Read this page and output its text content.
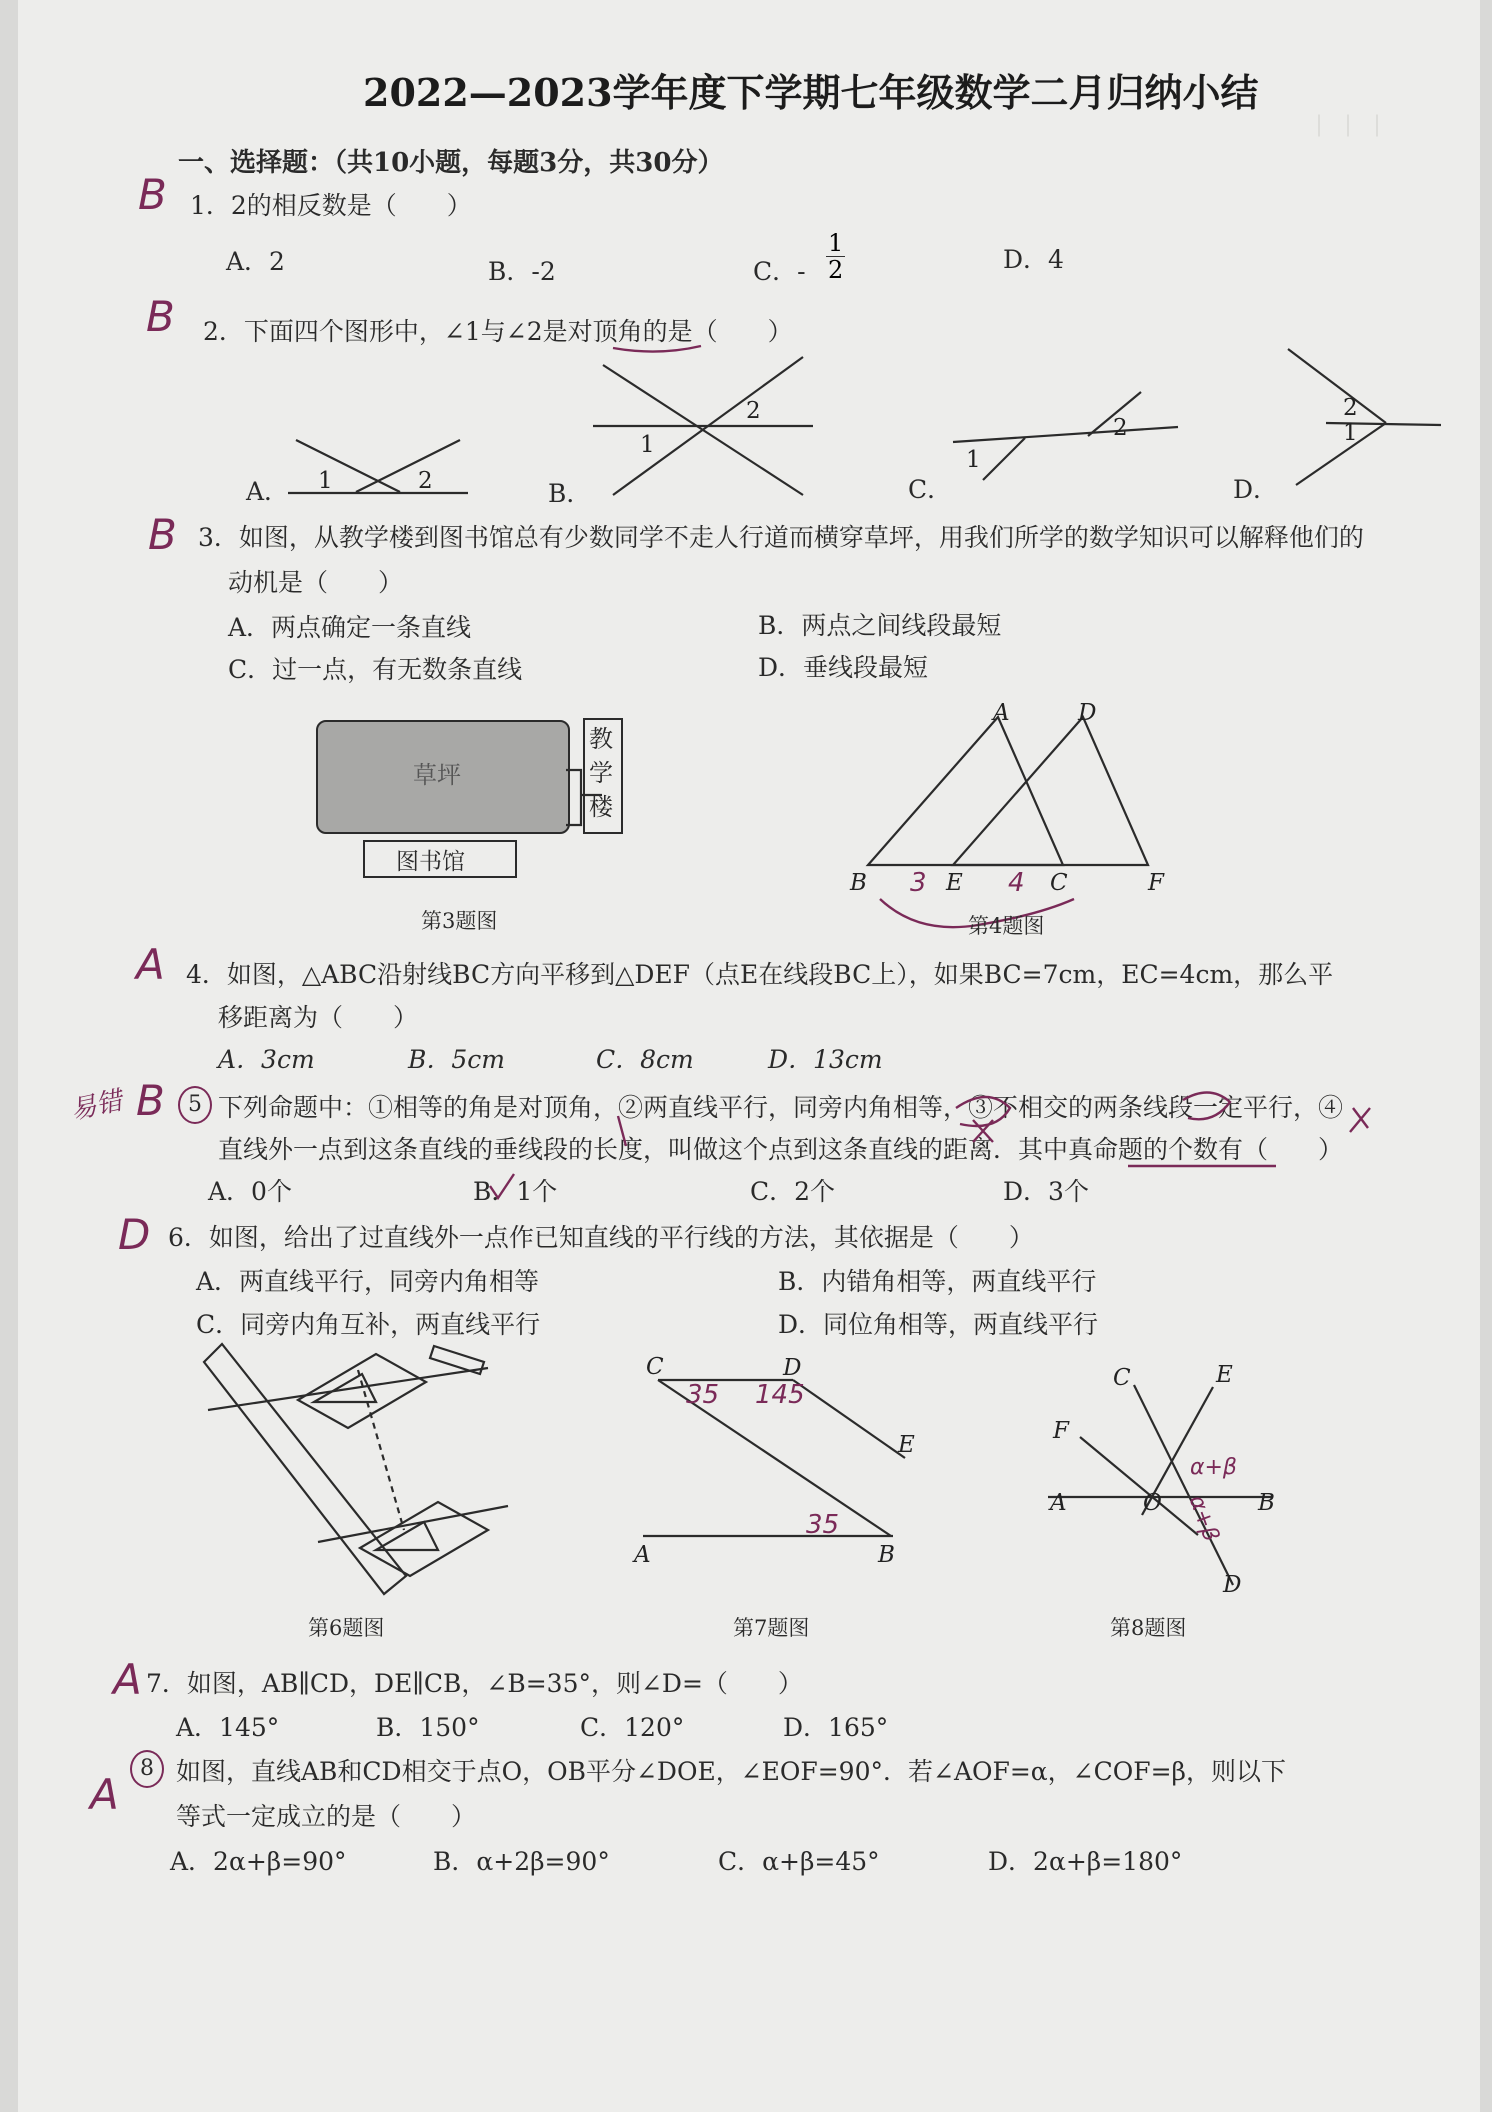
｜ ｜ ｜
2022—2023学年度下学期七年级数学二月归纳小结
一、选择题：（共10小题，每题3分，共30分）
B 1．2的相反数是（　　）
A．2	B．-2	C．- $\frac{1}{2}$	D．4
B 2．下面四个图形中，∠1与∠2是对顶角的是（　　）
1	2
A．
1
2
B．
1
2
C．
2
1
D．
B 3．如图，从教学楼到图书馆总有少数同学不走人行道而横穿草坪，用我们所学的数学知识可以解释他们的
动机是（　　）
A．两点确定一条直线	B．两点之间线段最短
C．过一点，有无数条直线	D．垂线段最短
草坪
教学楼
图书馆
第3题图
A	D
B	E	C	F
3	4
第4题图
A 4．如图，△ABC沿射线BC方向平移到△DEF（点E在线段BC上），如果BC=7cm，EC=4cm，那么平
移距离为（　　）
A．3cm	B．5cm	C．8cm	D．13cm
易错 B	5 下列命题中：①相等的角是对顶角，②两直线平行，同旁内角相等，③不相交的两条线段一定平行，④
直线外一点到这条直线的垂线段的长度，叫做这个点到这条直线的距离．其中真命题的个数有（　　）
A．0个	B．1个	C．2个	D．3个
D 6．如图，给出了过直线外一点作已知直线的平行线的方法，其依据是（　　）
A．两直线平行，同旁内角相等	B．内错角相等，两直线平行
C．同旁内角互补，两直线平行	D．同位角相等，两直线平行
第6题图
C	D
E
A	B
35 145
35
第7题图
C	E
F
A	O	B
D
α+β
α+β
第8题图
A 7．如图，AB∥CD，DE∥CB，∠B=35°，则∠D=（　　）
A．145°	B．150°	C．120°	D．165°
A
8 如图，直线AB和CD相交于点O，OB平分∠DOE，∠EOF=90°．若∠AOF=α，∠COF=β，则以下
等式一定成立的是（　　）
A．2α+β=90°	B．α+2β=90°	C．α+β=45°	D．2α+β=180°
